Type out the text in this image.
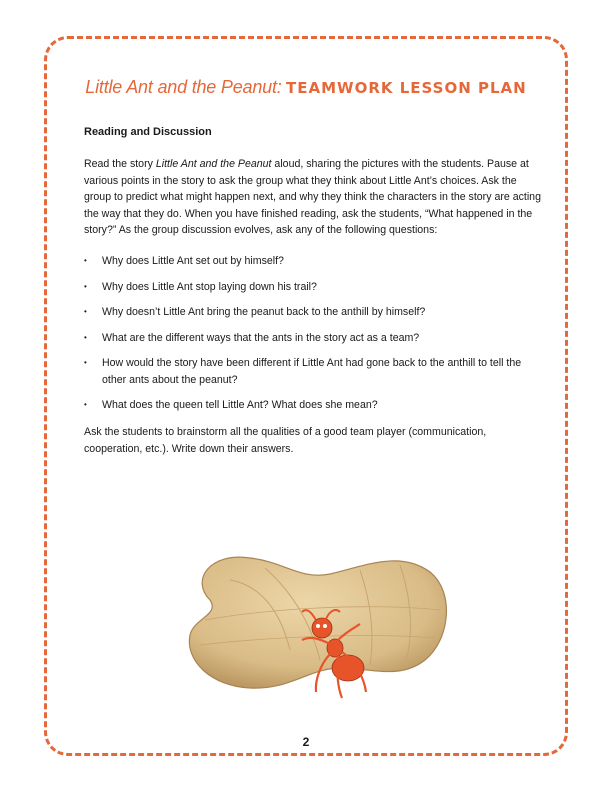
Little Ant and the Peanut: TEAMWORK LESSON PLAN
Reading and Discussion

Read the story Little Ant and the Peanut aloud, sharing the pictures with the students. Pause at various points in the story to ask the group what they think about Little Ant’s choices. Ask the group to predict what might happen next, and why they think the characters in the story are acting the way that they do. When you have finished reading, ask the students, “What happened in the story?” As the group discussion evolves, ask any of the following questions:

• Why does Little Ant set out by himself?
• Why does Little Ant stop laying down his trail?
• Why doesn’t Little Ant bring the peanut back to the anthill by himself?
• What are the different ways that the ants in the story act as a team?
• How would the story have been different if Little Ant had gone back to the anthill to tell the other ants about the peanut?
• What does the queen tell Little Ant? What does she mean?

Ask the students to brainstorm all the qualities of a good team player (communication, cooperation, etc.). Write down their answers.

2
